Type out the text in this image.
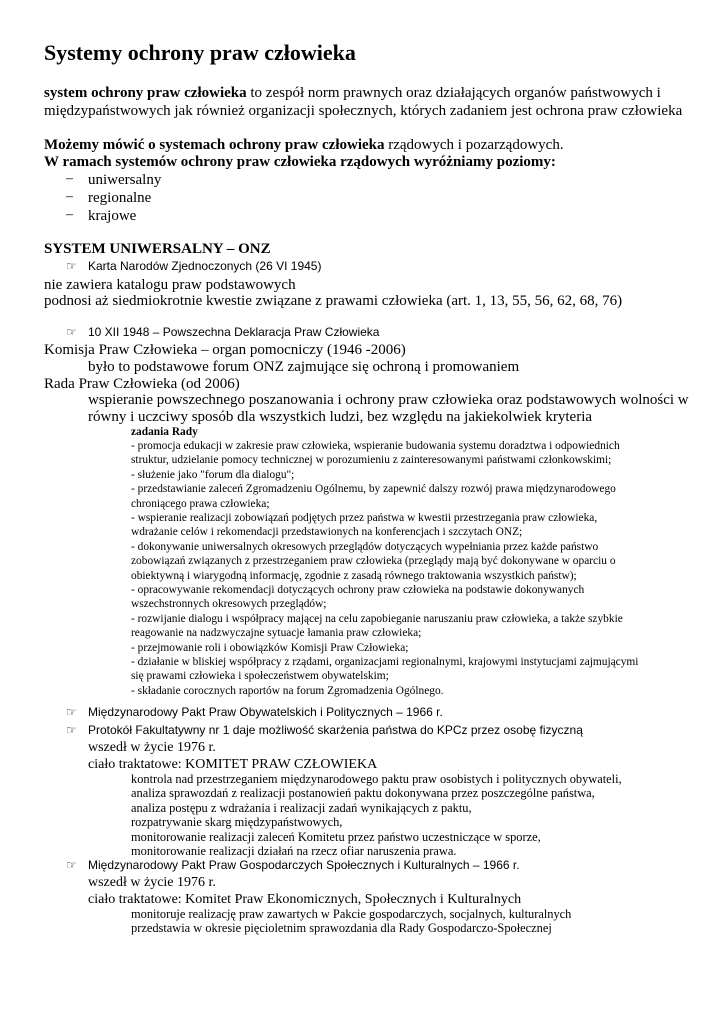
Systemy ochrony praw człowieka
system ochrony praw człowieka to zespół norm prawnych oraz działających organów państwowych i
międzypaństwowych jak również organizacji społecznych, których zadaniem jest ochrona praw człowieka
Możemy mówić o systemach ochrony praw człowieka rządowych i pozarządowych.
W ramach systemów ochrony praw człowieka rządowych wyróżniamy poziomy:
– uniwersalny
– regionalne
– krajowe
SYSTEM UNIWERSALNY – ONZ
☞ Karta Narodów Zjednoczonych (26 VI 1945)
nie zawiera katalogu praw podstawowych
podnosi aż siedmiokrotnie kwestie związane z prawami człowieka (art. 1, 13, 55, 56, 62, 68, 76)
☞ 10 XII 1948 – Powszechna Deklaracja Praw Człowieka
Komisja Praw Człowieka – organ pomocniczy (1946 -2006)
było to podstawowe forum ONZ zajmujące się ochroną i promowaniem
Rada Praw Człowieka (od 2006)
wspieranie powszechnego poszanowania i ochrony praw człowieka oraz podstawowych wolności w
równy i uczciwy sposób dla wszystkich ludzi, bez względu na jakiekolwiek kryteria
zadania Rady
- promocja edukacji w zakresie praw człowieka, wspieranie budowania systemu doradztwa i odpowiednich
struktur, udzielanie pomocy technicznej w porozumieniu z zainteresowanymi państwami członkowskimi;
- służenie jako "forum dla dialogu";
- przedstawianie zaleceń Zgromadzeniu Ogólnemu, by zapewnić dalszy rozwój prawa międzynarodowego
chroniącego prawa człowieka;
- wspieranie realizacji zobowiązań podjętych przez państwa w kwestii przestrzegania praw człowieka,
wdrażanie celów i rekomendacji przedstawionych na konferencjach i szczytach ONZ;
- dokonywanie uniwersalnych okresowych przeglądów dotyczących wypełniania przez każde państwo
zobowiązań związanych z przestrzeganiem praw człowieka (przeglądy mają być dokonywane w oparciu o
obiektywną i wiarygodną informację, zgodnie z zasadą równego traktowania wszystkich państw);
- opracowywanie rekomendacji dotyczących ochrony praw człowieka na podstawie dokonywanych
wszechstronnych okresowych przeglądów;
- rozwijanie dialogu i współpracy mającej na celu zapobieganie naruszaniu praw człowieka, a także szybkie
reagowanie na nadzwyczajne sytuacje łamania praw człowieka;
- przejmowanie roli i obowiązków Komisji Praw Człowieka;
- działanie w bliskiej współpracy z rządami, organizacjami regionalnymi, krajowymi instytucjami zajmującymi
się prawami człowieka i społeczeństwem obywatelskim;
- składanie corocznych raportów na forum Zgromadzenia Ogólnego.
☞ Międzynarodowy Pakt Praw Obywatelskich i Politycznych – 1966 r.
☞ Protokół Fakultatywny nr 1 daje możliwość skarżenia państwa do KPCz przez osobę fizyczną
wszedł w życie 1976 r.
ciało traktatowe: KOMITET PRAW CZŁOWIEKA
kontrola nad przestrzeganiem międzynarodowego paktu praw osobistych i politycznych obywateli,
analiza sprawozdań z realizacji postanowień paktu dokonywana przez poszczególne państwa,
analiza postępu z wdrażania i realizacji zadań wynikających z paktu,
rozpatrywanie skarg międzypaństwowych,
monitorowanie realizacji zaleceń Komitetu przez państwo uczestniczące w sporze,
monitorowanie realizacji działań na rzecz ofiar naruszenia prawa.
☞ Międzynarodowy Pakt Praw Gospodarczych Społecznych i Kulturalnych – 1966 r.
wszedł w życie 1976 r.
ciało traktatowe: Komitet Praw Ekonomicznych, Społecznych i Kulturalnych
monitoruje realizację praw zawartych w Pakcie gospodarczych, socjalnych, kulturalnych
przedstawia w okresie pięcioletnim sprawozdania dla Rady Gospodarczo-Społecznej
